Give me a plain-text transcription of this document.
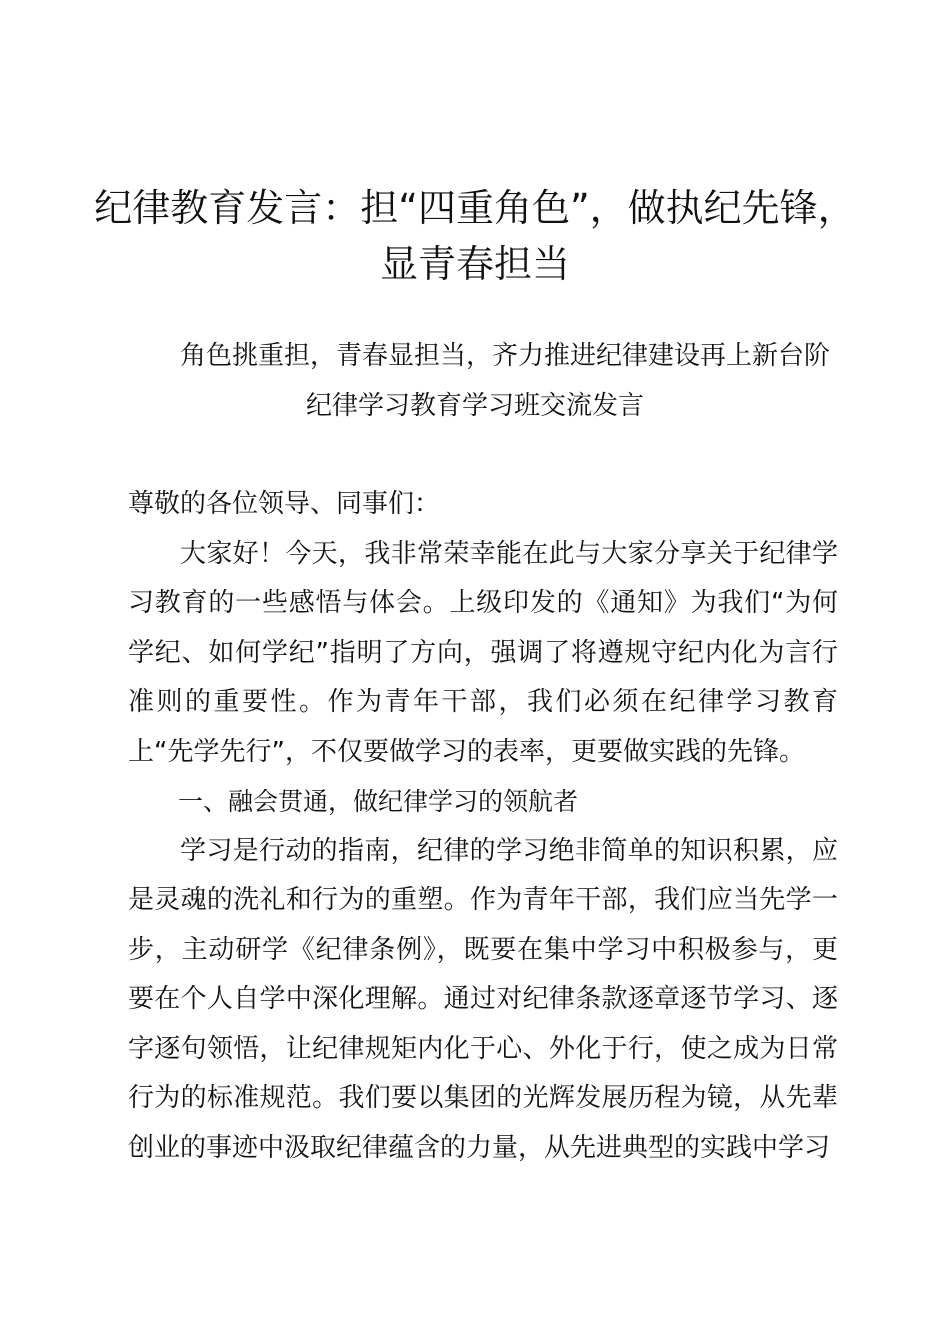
纪律教育发言：担“四重角色”，做执纪先锋，
显青春担当
角色挑重担，青春显担当，齐力推进纪律建设再上新台阶
纪律学习教育学习班交流发言

尊敬的各位领导、同事们：

大家好！今天，我非常荣幸能在此与大家分享关于纪律学习教育的一些感悟与体会。上级印发的《通知》为我们“为何学纪、如何学纪”指明了方向，强调了将遵规守纪内化为言行准则的重要性。作为青年干部，我们必须在纪律学习教育上“先学先行”，不仅要做学习的表率，更要做实践的先锋。

一、融会贯通，做纪律学习的领航者

学习是行动的指南，纪律的学习绝非简单的知识积累，应是灵魂的洗礼和行为的重塑。作为青年干部，我们应当先学一步，主动研学《纪律条例》，既要在集中学习中积极参与，更要在个人自学中深化理解。通过对纪律条款逐章逐节学习、逐字逐句领悟，让纪律规矩内化于心、外化于行，使之成为日常行为的标准规范。我们要以集团的光辉发展历程为镜，从先辈创业的事迹中汲取纪律蕴含的力量，从先进典型的实践中学习
